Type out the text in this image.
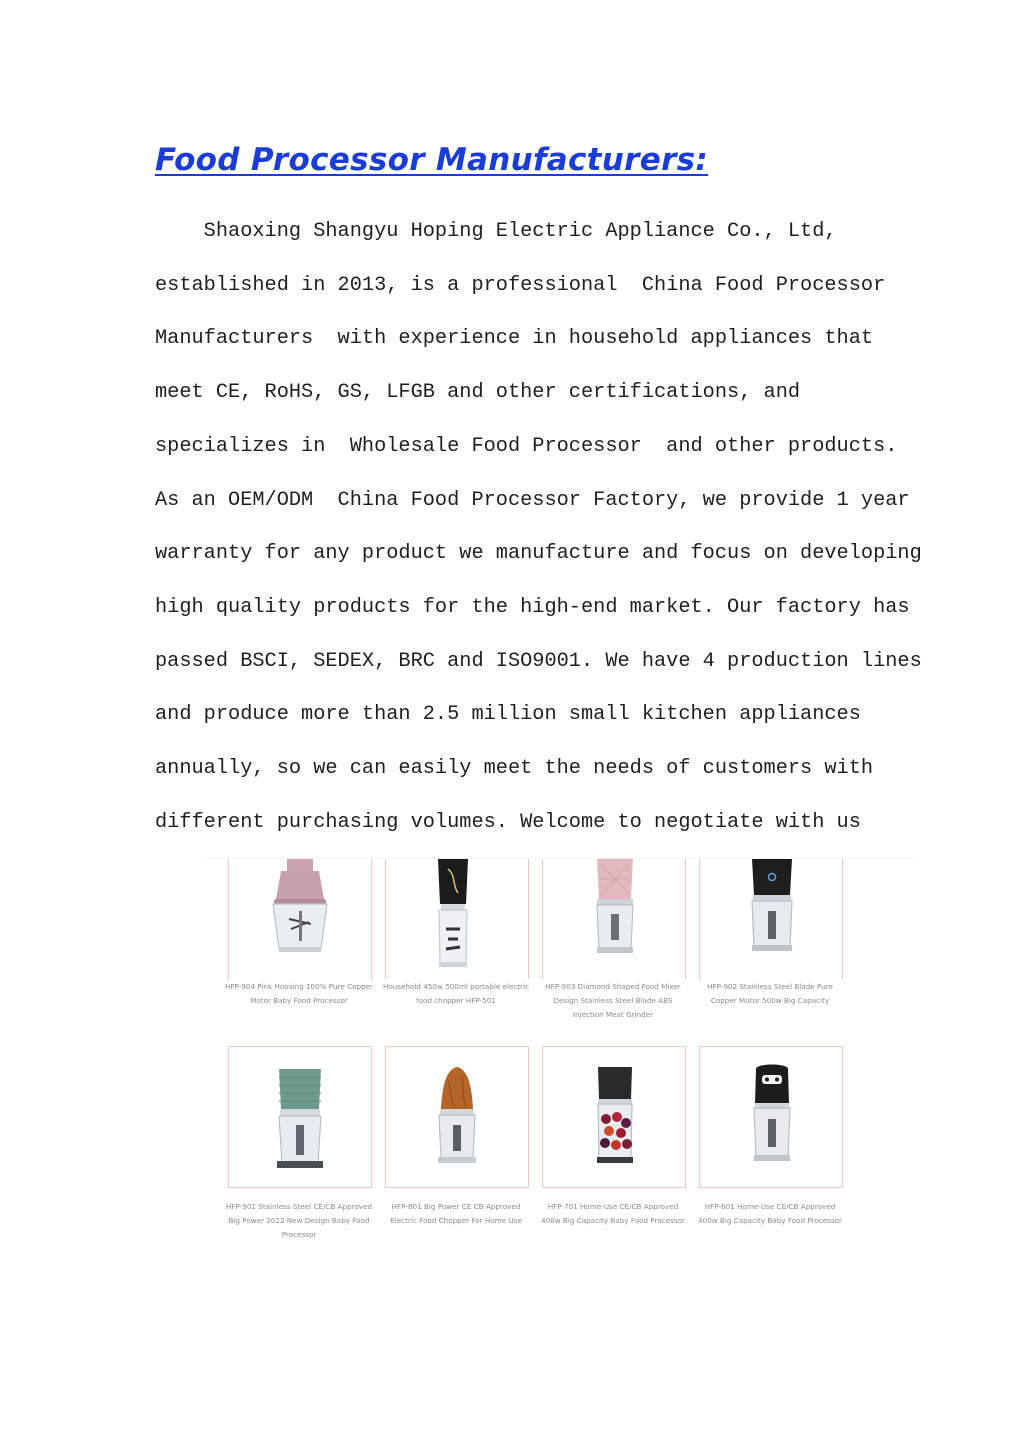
Food Processor Manufacturers:
Shaoxing Shangyu Hoping Electric Appliance Co., Ltd,
established in 2013, is a professional  China Food Processor
Manufacturers  with experience in household appliances that
meet CE, RoHS, GS, LFGB and other certifications, and
specializes in  Wholesale Food Processor  and other products.
As an OEM/ODM  China Food Processor Factory, we provide 1 year
warranty for any product we manufacture and focus on developing
high quality products for the high-end market. Our factory has
passed BSCI, SEDEX, BRC and ISO9001. We have 4 production lines
and produce more than 2.5 million small kitchen appliances
annually, so we can easily meet the needs of customers with
different purchasing volumes. Welcome to negotiate with us
HFP-904 Pink Housing 100% Pure Copper
Motor Baby Food Processor
Household 450w 500ml portable electric
food chopper HFP-501
HFP-903 Diamond Shaped Food Mixer
Design Stainless Steel Blade ABS
Injection Meat Grinder
HFP-902 Stainless Steel Blade Pure
Copper Motor 500w Big Capacity
HFP-901 Stainless Steel CE/CB Approved
Big Power 2022 New Design Baby Food
Processor
HFP-801 Big Power CE CB Approved
Electric Food Chopper For Home Use
HFP-701 Home-Use CE/CB Approved
400w Big Capacity Baby Food Processor
HFP-601 Home-Use CE/CB Approved
400w Big Capacity Baby Food Processor
